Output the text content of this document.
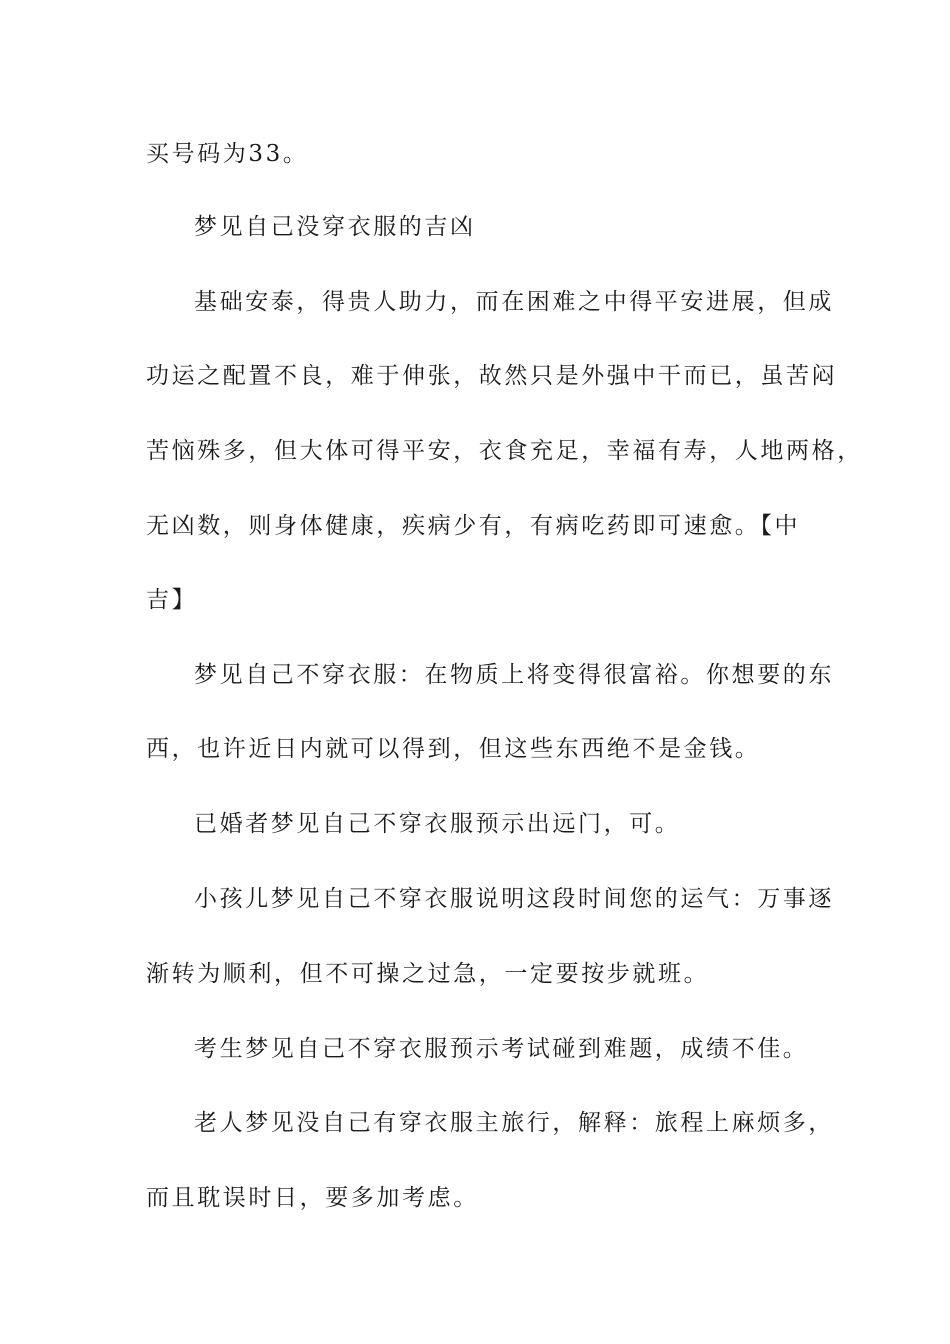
买号码为33。
梦见自己没穿衣服的吉凶
基础安泰，得贵人助力，而在困难之中得平安进展，但成
功运之配置不良，难于伸张，故然只是外强中干而已，虽苦闷
苦恼殊多，但大体可得平安，衣食充足，幸福有寿，人地两格，
无凶数，则身体健康，疾病少有，有病吃药即可速愈。【中
吉】
梦见自己不穿衣服：在物质上将变得很富裕。你想要的东
西，也许近日内就可以得到，但这些东西绝不是金钱。
已婚者梦见自己不穿衣服预示出远门，可。
小孩儿梦见自己不穿衣服说明这段时间您的运气：万事逐
渐转为顺利，但不可操之过急，一定要按步就班。
考生梦见自己不穿衣服预示考试碰到难题，成绩不佳。
老人梦见没自己有穿衣服主旅行，解释：旅程上麻烦多，
而且耽误时日，要多加考虑。
